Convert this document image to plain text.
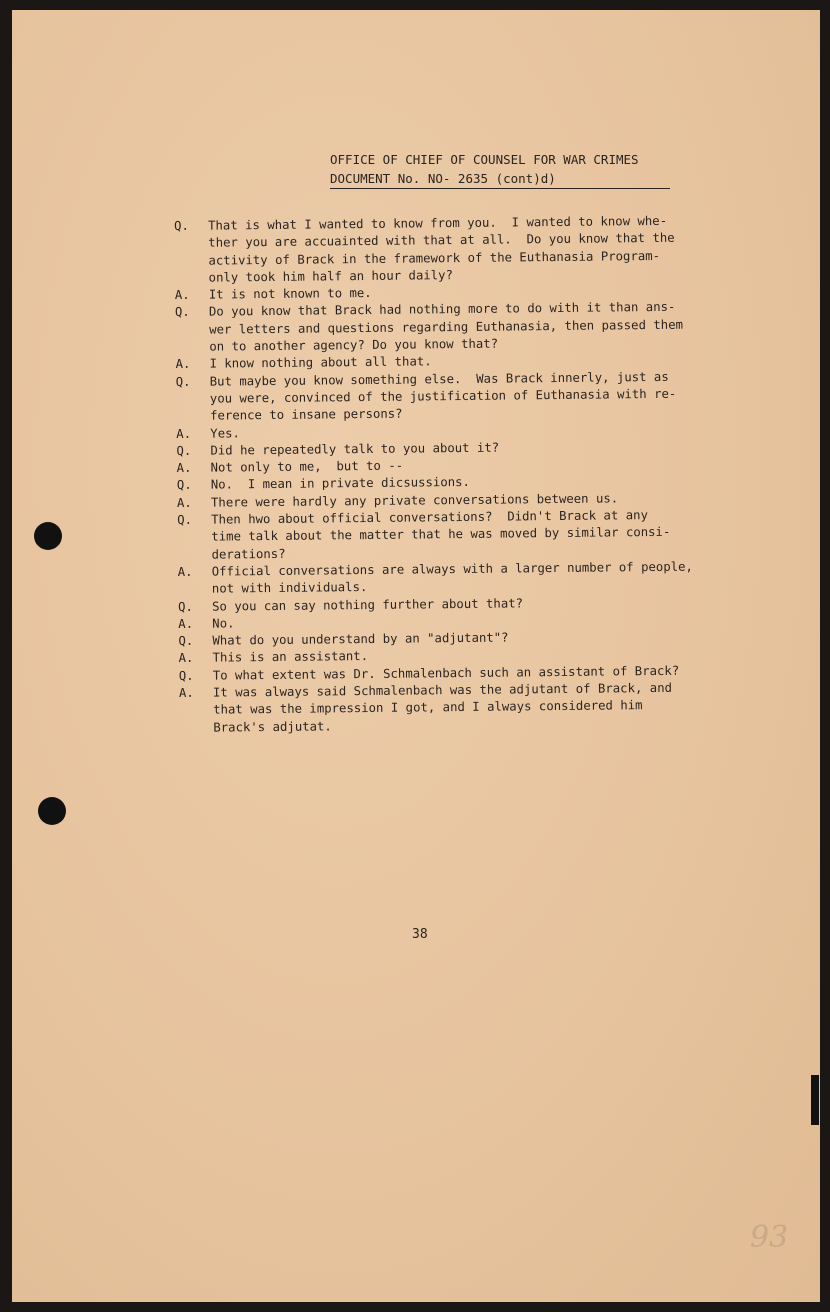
OFFICE OF CHIEF OF COUNSEL FOR WAR CRIMES

DOCUMENT No. NO- 2635 (cont)d)
Q.	That is what I wanted to know from you.  I wanted to know whe-
ther you are accuainted with that at all.  Do you know that the
activity of Brack in the framework of the Euthanasia Program-
only took him half an hour daily?
A.	It is not known to me.
Q.	Do you know that Brack had nothing more to do with it than ans-
wer letters and questions regarding Euthanasia, then passed them
on to another agency? Do you know that?
A.	I know nothing about all that.
Q.	But maybe you know something else.  Was Brack innerly, just as
you were, convinced of the justification of Euthanasia with re-
ference to insane persons?
A.	Yes.
Q.	Did he repeatedly talk to you about it?
A.	Not only to me,  but to --
Q.	No.  I mean in private dicsussions.
A.	There were hardly any private conversations between us.
Q.	Then hwo about official conversations?  Didn't Brack at any
time talk about the matter that he was moved by similar consi-
derations?
A.	Official conversations are always with a larger number of people,
not with individuals.
Q.	So you can say nothing further about that?
A.	No.
Q.	What do you understand by an "adjutant"?
A.	This is an assistant.
Q.	To what extent was Dr. Schmalenbach such an assistant of Brack?
A.	It was always said Schmalenbach was the adjutant of Brack, and
that was the impression I got, and I always considered him
Brack's adjutat.
38
93
